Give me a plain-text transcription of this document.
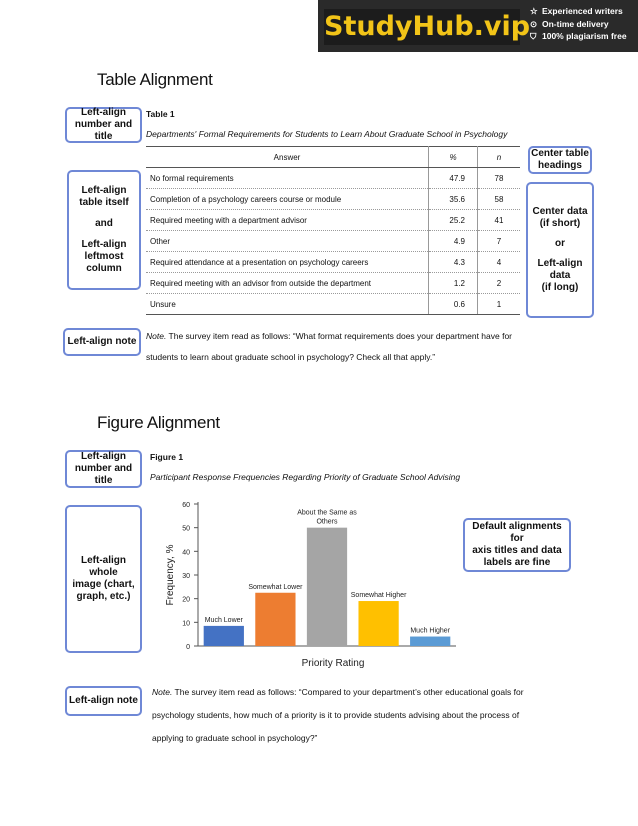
StudyHub.vip ☆ Experienced writers
⊙ On-time delivery
⛉ 100% plagiarism free
Table Alignment
Left-align
number and title
Table 1
Departments' Formal Requirements for Students to Learn About Graduate School in Psychology
Left-align
table itself
and
Left-align
leftmost column
Answer	%	n
No formal requirements	47.9	78
Completion of a psychology careers course or module	35.6	58
Required meeting with a department advisor	25.2	41
Other	4.9	7
Required attendance at a presentation on psychology careers	4.3	4
Required meeting with an advisor from outside the department	1.2	2
Unsure	0.6	1
Center table
headings
Center data
(if short)
or
Left-align data
(if long)
Left-align note Note. The survey item read as follows: “What format requirements does your department have for
students to learn about graduate school in psychology? Check all that apply.”
Figure Alignment
Left-align
number and title
Figure 1
Participant Response Frequencies Regarding Priority of Graduate School Advising
Left-align whole
image (chart,
graph, etc.)
0
10
20
30
40
50
60
Frequency, %
Priority Rating
Much Lower
Somewhat Lower
About the Same as
Others
Somewhat Higher
Much Higher
Default alignments for
axis titles and data
labels are fine
Left-align note
Note. The survey item read as follows: “Compared to your department’s other educational goals for
psychology students, how much of a priority is it to provide students advising about the process of
applying to graduate school in psychology?”
